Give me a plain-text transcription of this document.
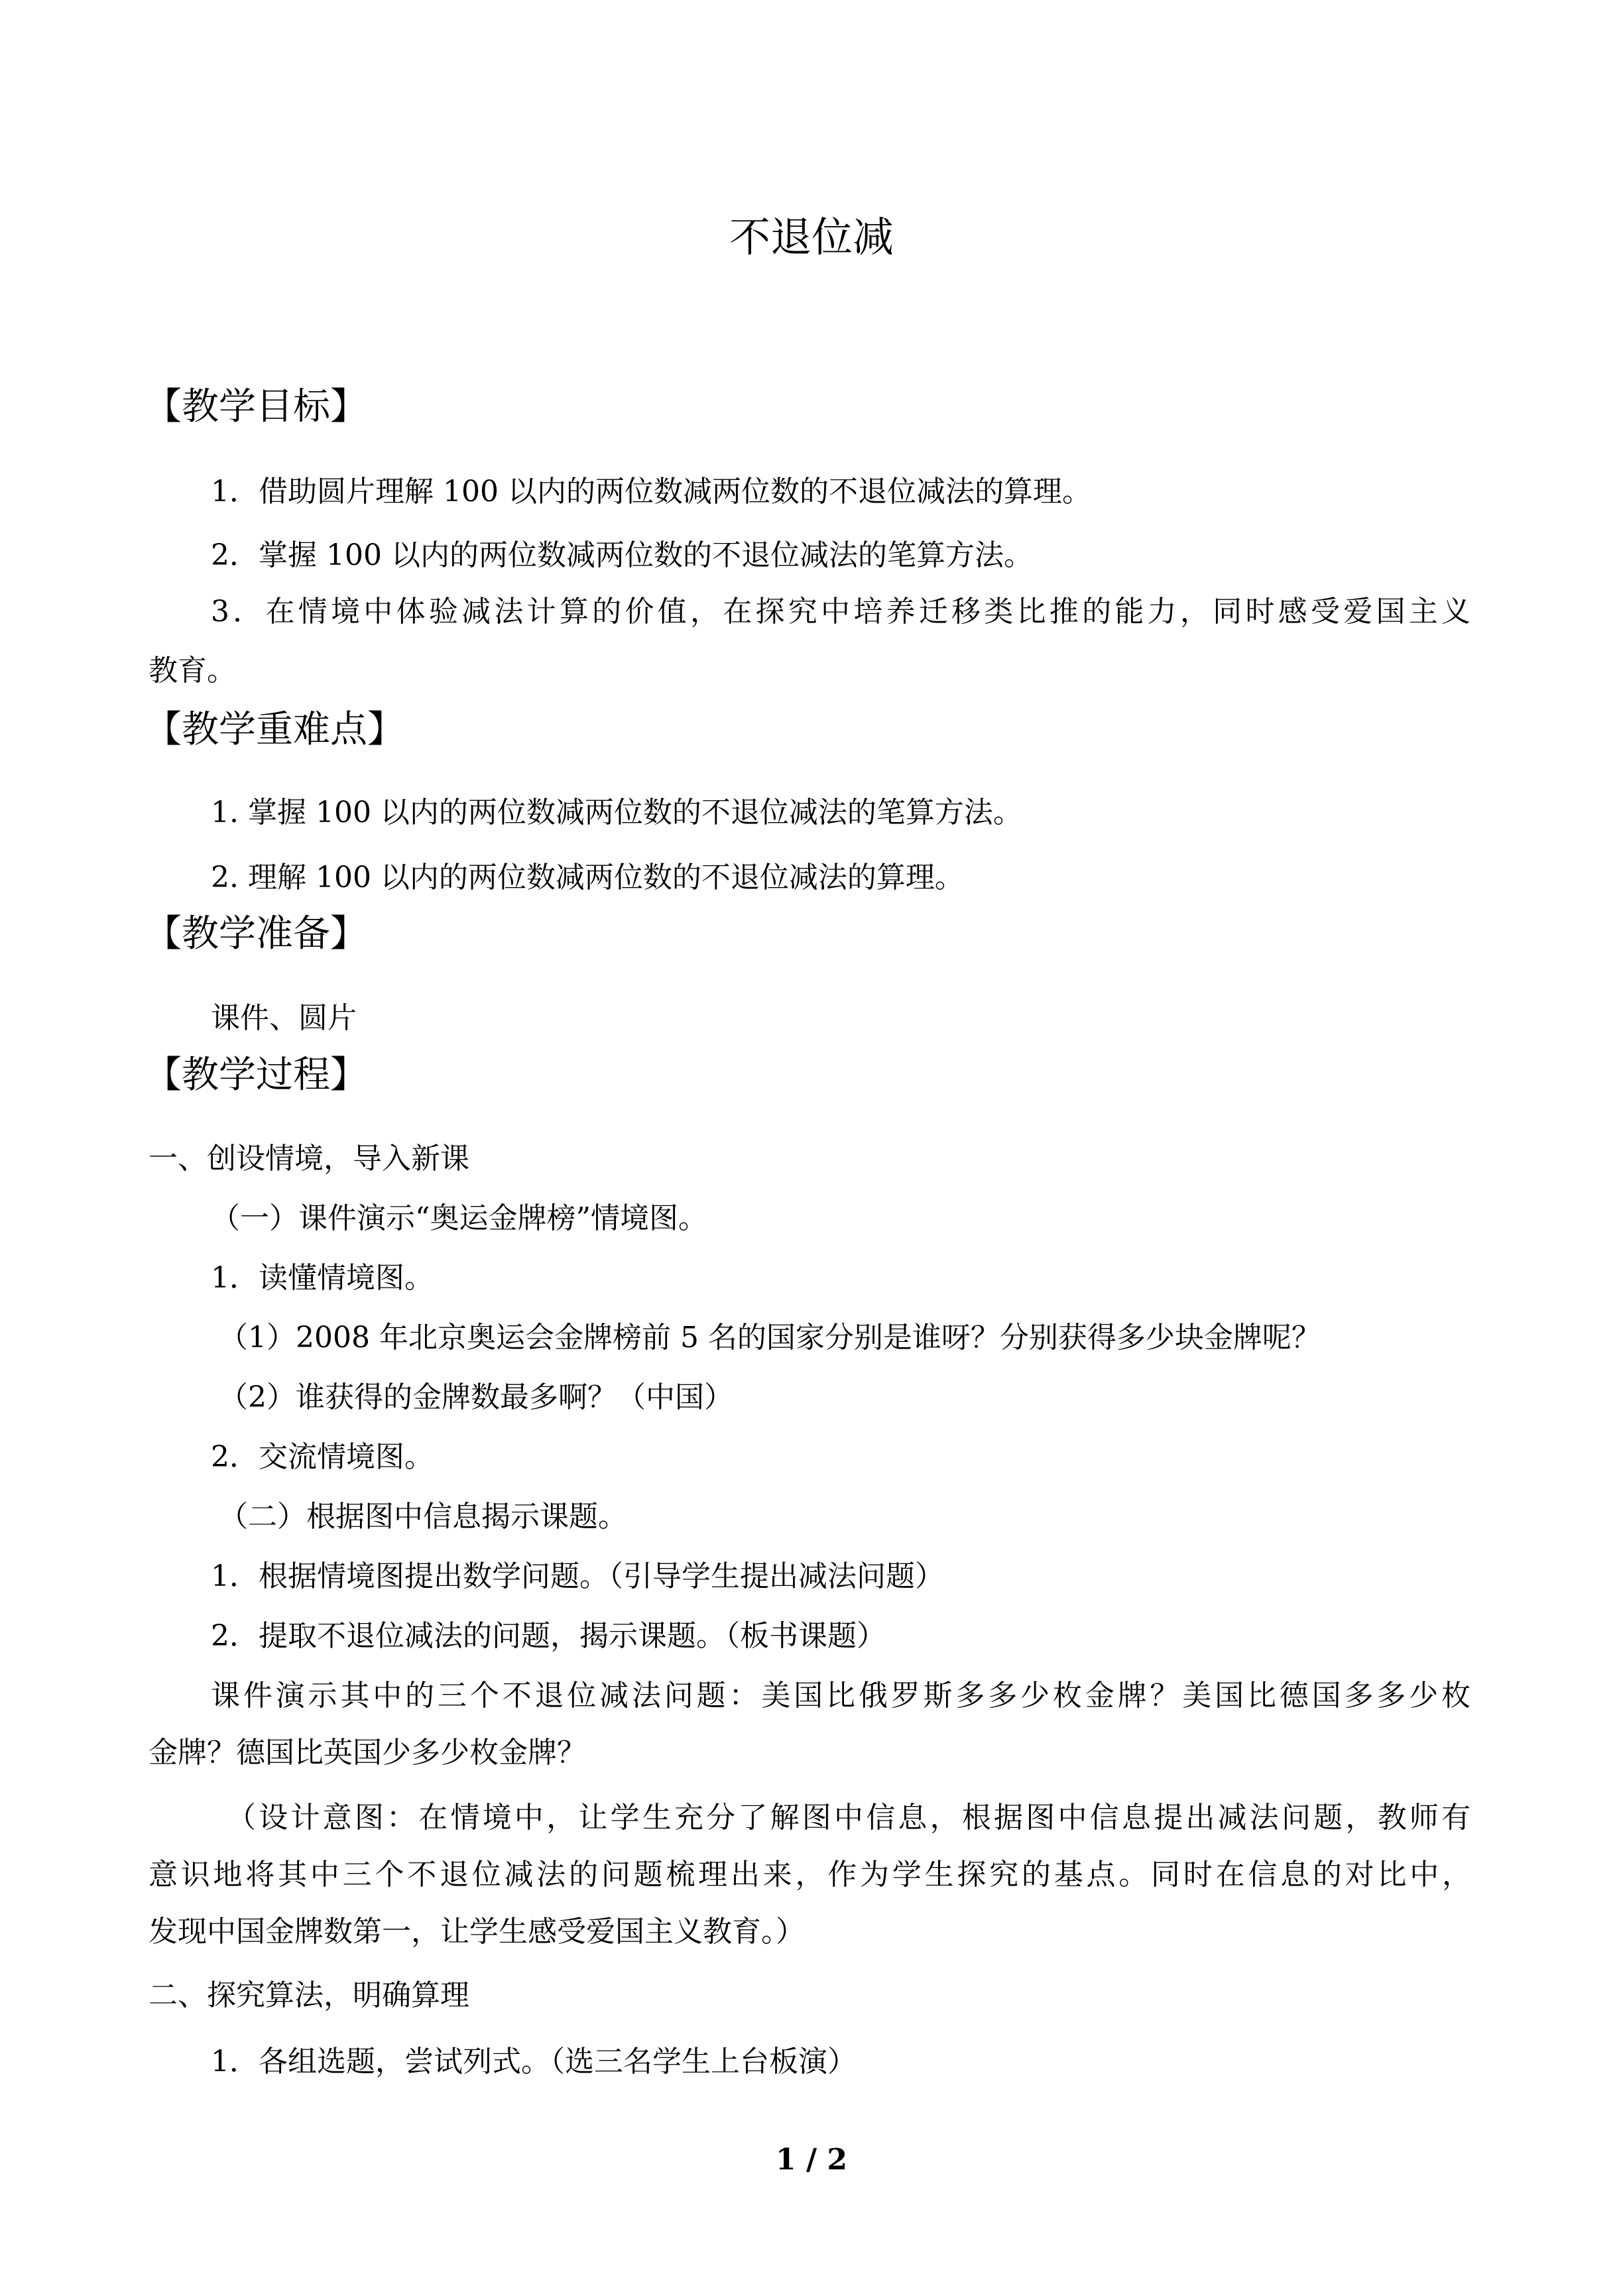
不退位减
【教学目标】
1．借助圆片理解 100 以内的两位数减两位数的不退位减法的算理。
2．掌握 100 以内的两位数减两位数的不退位减法的笔算方法。
3．在情境中体验减法计算的价值，在探究中培养迁移类比推的能力，同时感受爱国主义
教育。
【教学重难点】
1. 掌握 100 以内的两位数减两位数的不退位减法的笔算方法。
2. 理解 100 以内的两位数减两位数的不退位减法的算理。
【教学准备】
课件、圆片
【教学过程】
一、创设情境，导入新课
（一）课件演示“奥运金牌榜”情境图。
1．读懂情境图。
（1）2008 年北京奥运会金牌榜前 5 名的国家分别是谁呀？分别获得多少块金牌呢？
（2）谁获得的金牌数最多啊？（中国）
2．交流情境图。
（二）根据图中信息揭示课题。
1．根据情境图提出数学问题。（引导学生提出减法问题）
2．提取不退位减法的问题，揭示课题。（板书课题）
课件演示其中的三个不退位减法问题：美国比俄罗斯多多少枚金牌？美国比德国多多少枚
金牌？德国比英国少多少枚金牌？
（设计意图：在情境中，让学生充分了解图中信息，根据图中信息提出减法问题，教师有
意识地将其中三个不退位减法的问题梳理出来，作为学生探究的基点。同时在信息的对比中，
发现中国金牌数第一，让学生感受爱国主义教育。）
二、探究算法，明确算理
1．各组选题，尝试列式。（选三名学生上台板演）
1 / 2
